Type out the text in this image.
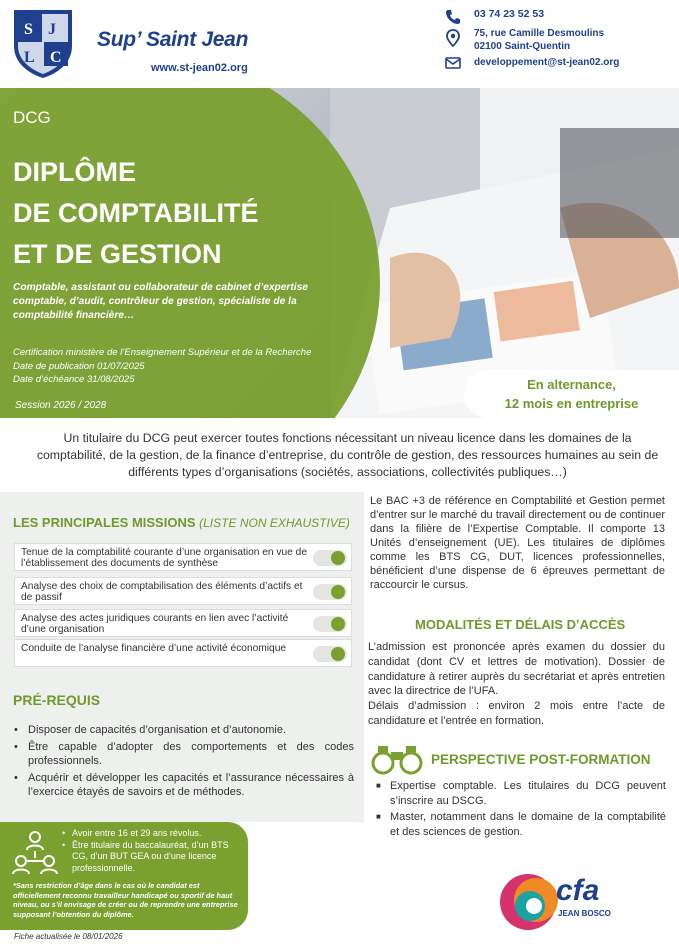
S J
L C
Sup’ Saint Jean
www.st-jean02.org
03 74 23 52 53
75, rue Camille Desmoulins
02100 Saint-Quentin
developpement@st-jean02.org
DCG
DIPLÔME
DE COMPTABILITÉ
ET DE GESTION
Comptable, assistant ou collaborateur de cabinet d’expertise comptable, d’audit, contrôleur de gestion, spécialiste de la comptabilité financière…
Certification ministère de l’Enseignement Supérieur et de la Recherche
Date de publication 01/07/2025
Date d’échéance 31/08/2025
Session 2026 / 2028
En alternance,
12 mois en entreprise
Un titulaire du DCG peut exercer toutes fonctions nécessitant un niveau licence dans les domaines de la comptabilité, de la gestion, de la finance d’entreprise, du contrôle de gestion, des ressources humaines au sein de différents types d’organisations (sociétés, associations, collectivités publiques…)
LES PRINCIPALES MISSIONS (LISTE NON EXHAUSTIVE)
Tenue de la comptabilité courante d’une organisation en vue de l’établissement des documents de synthèse
Analyse des choix de comptabilisation des éléments d’actifs et de passif
Analyse des actes juridiques courants en lien avec l’activité d’une organisation
Conduite de l’analyse financière d’une activité économique
PRÉ-REQUIS
• Disposer de capacités d’organisation et d’autonomie.
• Être capable d’adopter des comportements et des codes professionnels.
• Acquérir et développer les capacités et l’assurance nécessaires à l’exercice étayés de savoirs et de méthodes.
Le BAC +3 de référence en Comptabilité et Gestion permet d’entrer sur le marché du travail directement ou de continuer dans la filière de l’Expertise Comptable. Il comporte 13 Unités d’enseignement (UE). Les titulaires de diplômes comme les BTS CG, DUT, licences professionnelles, bénéficient d’une dispense de 6 épreuves permettant de raccourcir le cursus.
MODALITÉS ET DÉLAIS D’ACCÈS
L’admission est prononcée après examen du dossier du candidat (dont CV et lettres de motivation). Dossier de candidature à retirer auprès du secrétariat et après entretien avec la directrice de l’UFA.
Délais d’admission : environ 2 mois entre l’acte de candidature et l’entrée en formation.
PERSPECTIVE POST-FORMATION
■ Expertise comptable. Les titulaires du DCG peuvent s’inscrire au DSCG.
■ Master, notamment dans le domaine de la comptabilité et des sciences de gestion.
• Avoir entre 16 et 29 ans révolus.
• Être titulaire du baccalauréat, d’un BTS CG, d’un BUT GEA ou d’une licence professionnelle.
*Sans restriction d’âge dans le cas où le candidat est officiellement reconnu travailleur handicapé ou sportif de haut niveau, ou s’il envisage de créer ou de reprendre une entreprise supposant l’obtention du diplôme.
Fiche actualisée le 08/01/2026
cfa
JEAN BOSCO
